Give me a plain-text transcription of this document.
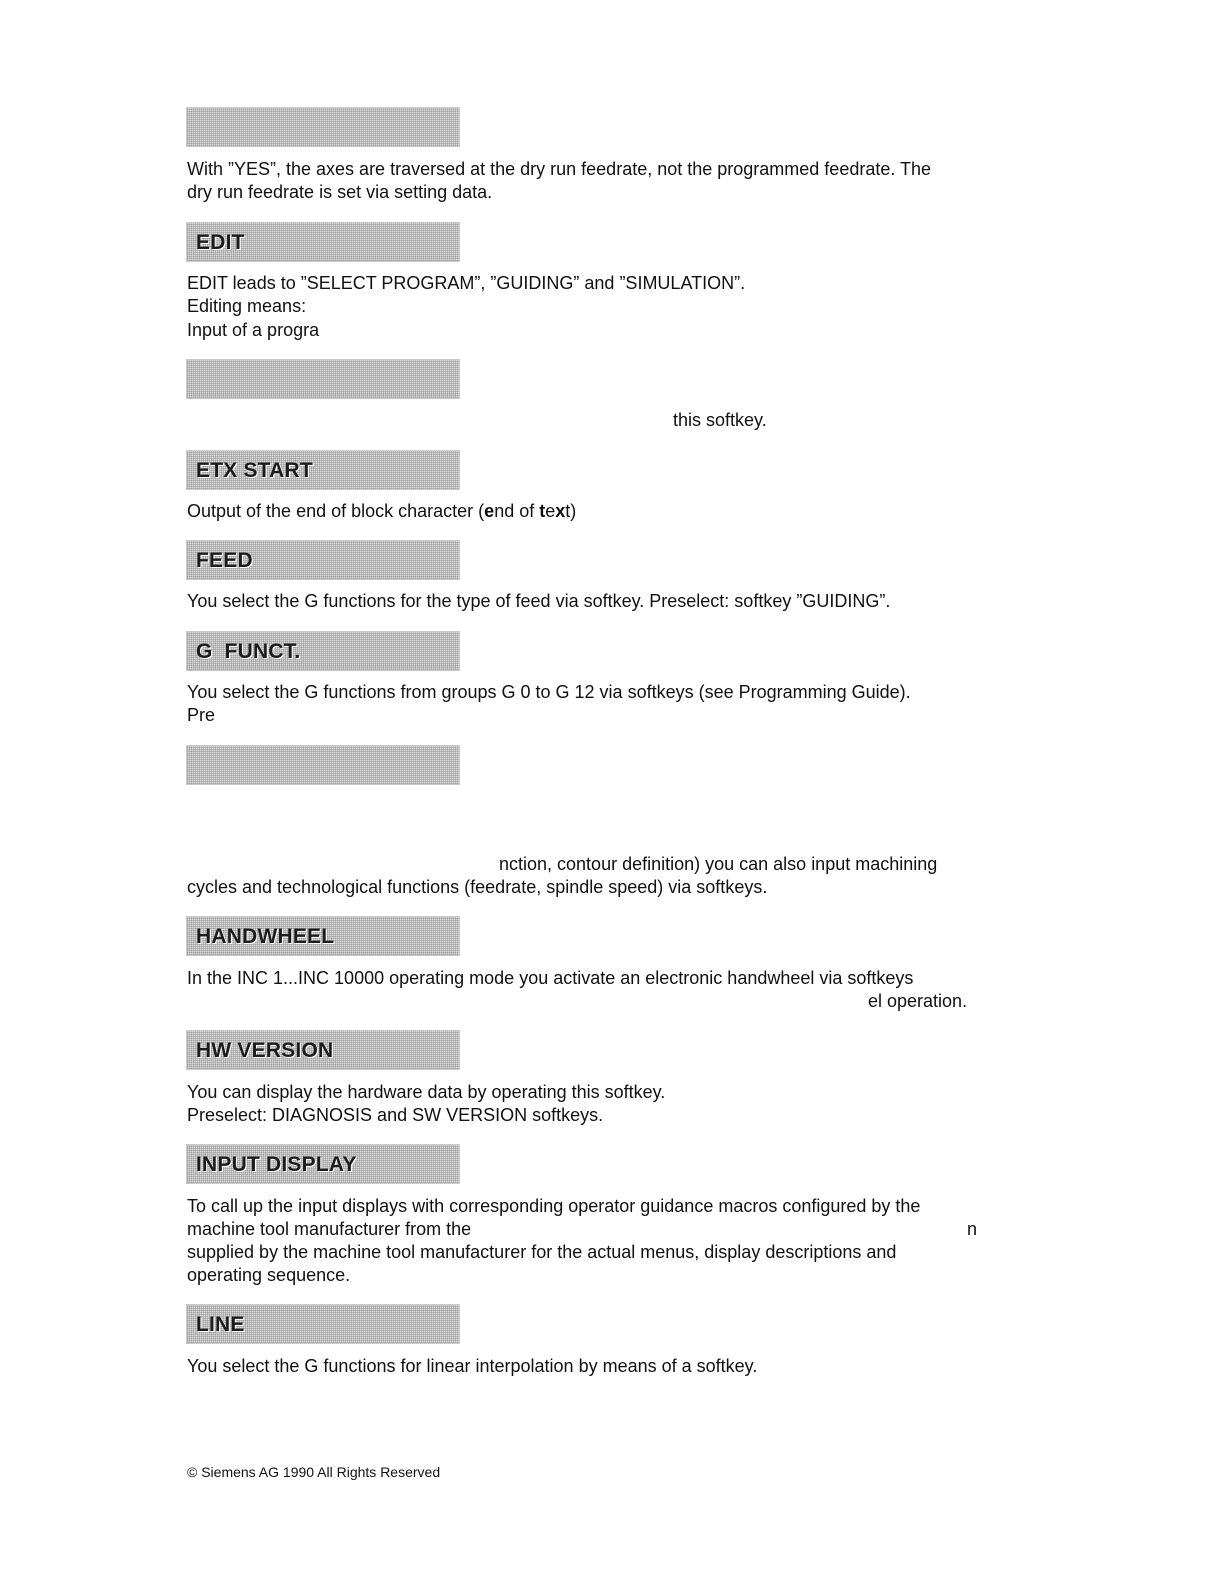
With ”YES”, the axes are traversed at the dry run feedrate, not the programmed feedrate. The
dry run feedrate is set via setting data.
EDIT
EDIT leads to ”SELECT PROGRAM”, ”GUIDING” and ”SIMULATION”.
Editing means:
Input of a progra
this softkey.
ETX START
Output of the end of block character (end of text)
FEED
You select the G functions for the type of feed via softkey. Preselect: softkey ”GUIDING”.
G  FUNCT.
You select the G functions from groups G 0 to G 12 via softkeys (see Programming Guide).
Pre
nction, contour definition) you can also input machining
cycles and technological functions (feedrate, spindle speed) via softkeys.
HANDWHEEL
In the INC 1...INC 10000 operating mode you activate an electronic handwheel via softkeys
el operation.
HW VERSION
You can display the hardware data by operating this softkey.
Preselect: DIAGNOSIS and SW VERSION softkeys.
INPUT DISPLAY
To call up the input displays with corresponding operator guidance macros configured by the
machine tool manufacturer from the	n
supplied by the machine tool manufacturer for the actual menus, display descriptions and
operating sequence.
LINE
You select the G functions for linear interpolation by means of a softkey.
© Siemens AG 1990 All Rights Reserved
